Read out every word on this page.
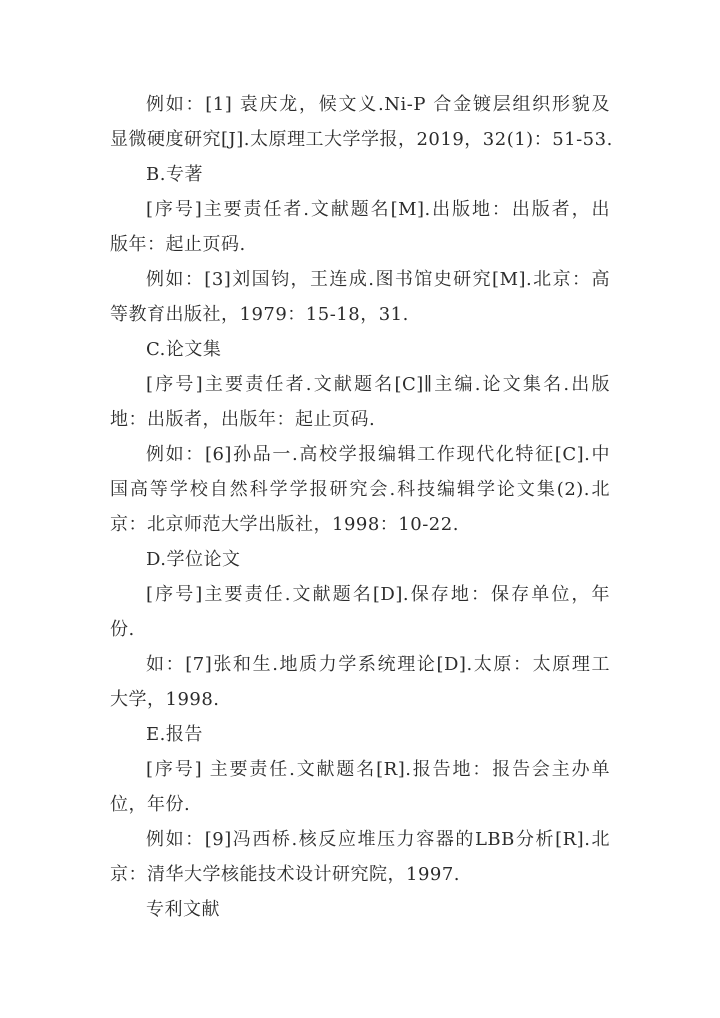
例如：[1] 袁庆龙，候文义.Ni-P 合金镀层组织形貌及
显微硬度研究[J].太原理工大学学报，2019，32(1)：51-53.
B.专著
[序号]主要责任者.文献题名[M].出版地：出版者，出
版年：起止页码.
例如：[3]刘国钧，王连成.图书馆史研究[M].北京：高
等教育出版社，1979：15-18，31.
C.论文集
[序号]主要责任者.文献题名[C]∥主编.论文集名.出版
地：出版者，出版年：起止页码.
例如：[6]孙品一.高校学报编辑工作现代化特征[C].中
国高等学校自然科学学报研究会.科技编辑学论文集(2).北
京：北京师范大学出版社，1998：10-22.
D.学位论文
[序号]主要责任.文献题名[D].保存地：保存单位，年
份.
如：[7]张和生.地质力学系统理论[D].太原：太原理工
大学，1998.
E.报告
[序号] 主要责任.文献题名[R].报告地：报告会主办单
位，年份.
例如：[9]冯西桥.核反应堆压力容器的LBB分析[R].北
京：清华大学核能技术设计研究院，1997.
专利文献
